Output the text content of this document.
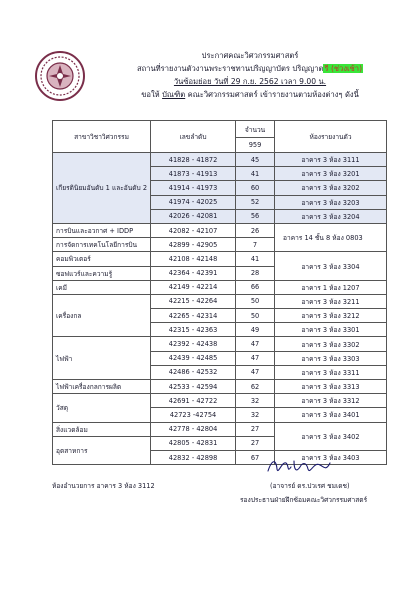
ประกาศคณะวิศวกรรมศาสตร์
สถานที่รายงานตัวงานพระราชทานปริญญาบัตร ปริญญาตรี (ช่วงเช้า)
วันซ้อมย่อย วันที่ 29 ก.ย. 2562 เวลา 9.00 น.
ขอให้ บัณฑิต คณะวิศวกรรมศาสตร์ เข้ารายงานตามห้องต่างๆ ดังนี้
สาขาวิชาวิศวกรรม	เลขลำดับ	จำนวน	ห้องรายงานตัว
		959	
เกียรตินิยมอันดับ 1 และอันดับ 2	41828 - 41872	45	อาคาร 3 ห้อง 3111
	41873 - 41913	41	อาคาร 3 ห้อง 3201
	41914 - 41973	60	อาคาร 3 ห้อง 3202
	41974 - 42025	52	อาคาร 3 ห้อง 3203
	42026 - 42081	56	อาคาร 3 ห้อง 3204
การบินและอวกาศ + IDDP	42082 - 42107	26	อาคาร 14 ชั้น 8 ห้อง 0803
การจัดการเทคโนโลยีการบิน	42899 - 42905	7	
คอมพิวเตอร์	42108 - 42148	41	อาคาร 3 ห้อง 3304
ซอฟแวร์และความรู้	42364 - 42391	28	
เคมี	42149 - 42214	66	อาคาร 1 ห้อง 1207
เครื่องกล	42215 - 42264	50	อาคาร 3 ห้อง 3211
	42265 - 42314	50	อาคาร 3 ห้อง 3212
	42315 - 42363	49	อาคาร 3 ห้อง 3301
ไฟฟ้า	42392 - 42438	47	อาคาร 3 ห้อง 3302
	42439 - 42485	47	อาคาร 3 ห้อง 3303
	42486 - 42532	47	อาคาร 3 ห้อง 3311
ไฟฟ้าเครื่องกลการผลิต	42533 - 42594	62	อาคาร 3 ห้อง 3313
วัสดุ	42691 - 42722	32	อาคาร 3 ห้อง 3312
	42723 -42754	32	อาคาร 3 ห้อง 3401
สิ่งแวดล้อม	42778 - 42804	27	อาคาร 3 ห้อง 3402
อุตสาหการ	42805 - 42831	27	
	42832 - 42898	67	อาคาร 3 ห้อง 3403
ห้องอำนวยการ อาคาร 3 ห้อง 3112	(อาจารย์ ดร.ปวเรศ ชมเดช)
รองประธานฝ่ายฝึกซ้อมคณะวิศวกรรมศาสตร์
